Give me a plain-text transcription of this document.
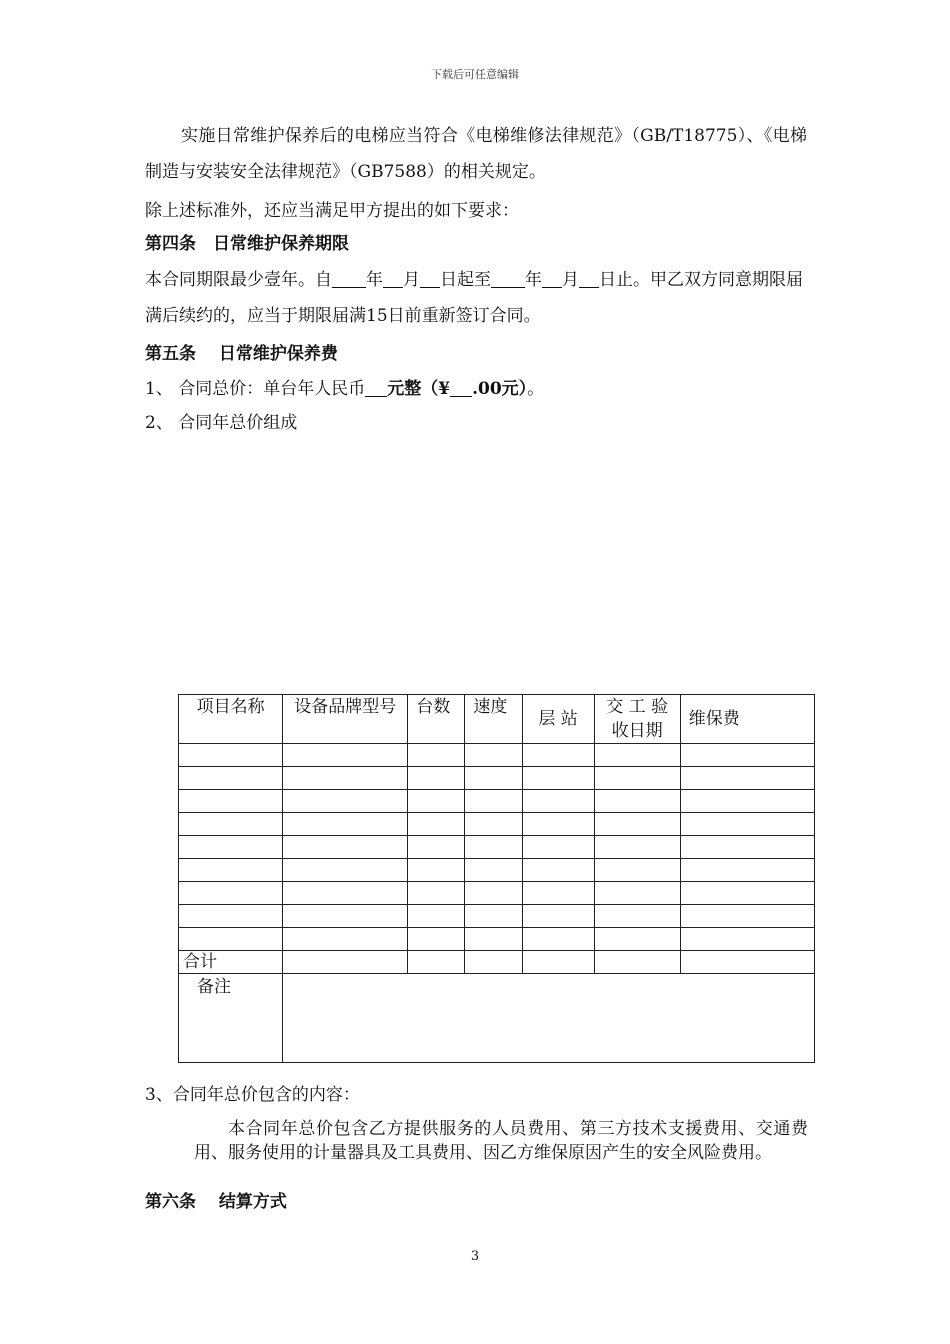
下载后可任意编辑

实施日常维护保养后的电梯应当符合《电梯维修法律规范》（GB/T18775）、《电梯制造与安装安全法律规范》（GB7588）的相关规定。

除上述标准外，还应当满足甲方提出的如下要求：

第四条　日常维护保养期限

本合同期限最少壹年。自 年 月 日起至 年 月 日止。甲乙双方同意期限届满后续约的，应当于期限届满15日前重新签订合同。

第五条　 日常维护保养费

1、 合同总价：单台年人民币 元整（¥ .00元）。

2、 合同年总价组成

项目名称	设备品牌型号	台数	速度	层 站	交 工 验收日期	维保费

合计						
备注						

3、合同年总价包含的内容：

本合同年总价包含乙方提供服务的人员费用、第三方技术支援费用、交通费用、服务使用的计量器具及工具费用、因乙方维保原因产生的安全风险费用。

第六条　 结算方式

3
